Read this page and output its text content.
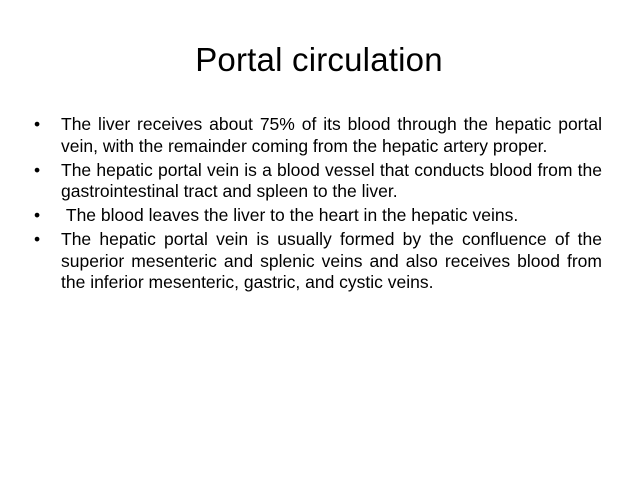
Portal circulation
•	The liver receives about 75% of its blood through the hepatic portal vein, with the remainder coming from the hepatic artery proper.
•	The hepatic portal vein is a blood vessel that conducts blood from the gastrointestinal tract and spleen to the liver.
•	The blood leaves the liver to the heart in the hepatic veins.
•	The hepatic portal vein is usually formed by the confluence of the superior mesenteric and splenic veins and also receives blood from the inferior mesenteric, gastric, and cystic veins.
